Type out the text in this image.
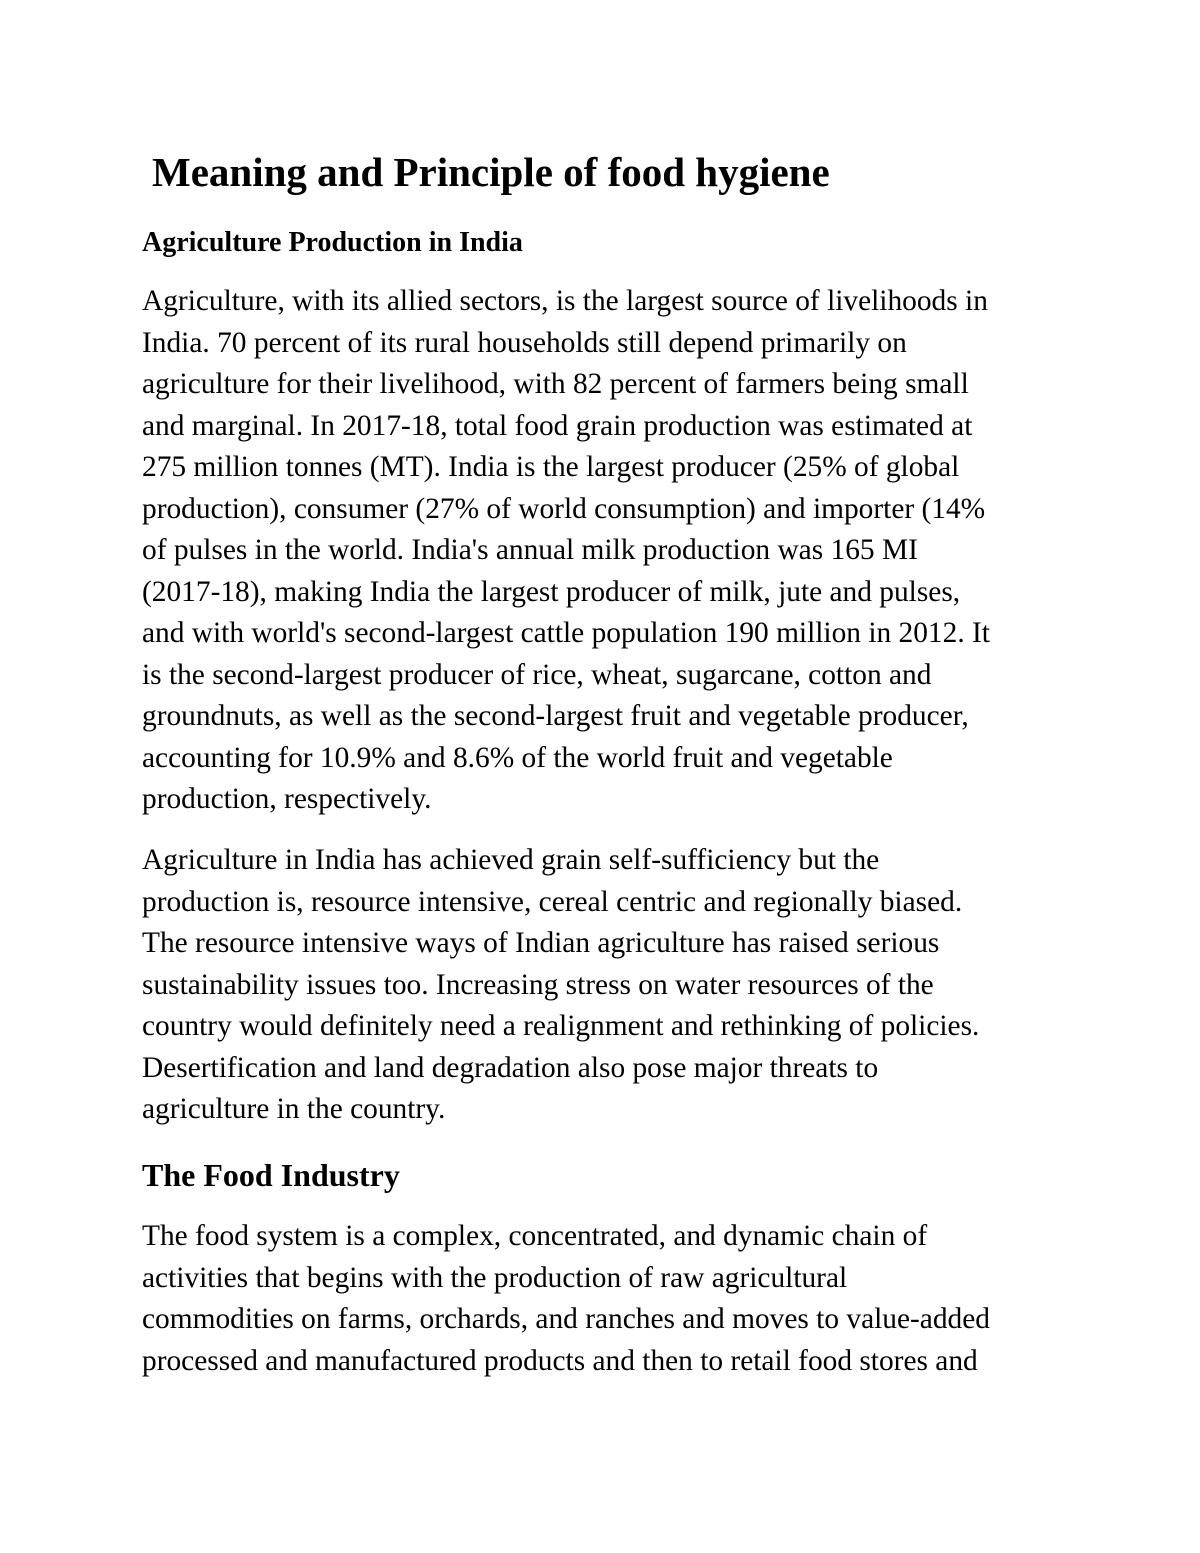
Meaning and Principle of food hygiene
Agriculture Production in India

Agriculture, with its allied sectors, is the largest source of livelihoods in
India. 70 percent of its rural households still depend primarily on
agriculture for their livelihood, with 82 percent of farmers being small
and marginal. In 2017-18, total food grain production was estimated at
275 million tonnes (MT). India is the largest producer (25% of global
production), consumer (27% of world consumption) and importer (14%
of pulses in the world. India's annual milk production was 165 MI
(2017-18), making India the largest producer of milk, jute and pulses,
and with world's second-largest cattle population 190 million in 2012. It
is the second-largest producer of rice, wheat, sugarcane, cotton and
groundnuts, as well as the second-largest fruit and vegetable producer,
accounting for 10.9% and 8.6% of the world fruit and vegetable
production, respectively.

Agriculture in India has achieved grain self-sufficiency but the
production is, resource intensive, cereal centric and regionally biased.
The resource intensive ways of Indian agriculture has raised serious
sustainability issues too. Increasing stress on water resources of the
country would definitely need a realignment and rethinking of policies.
Desertification and land degradation also pose major threats to
agriculture in the country.

The Food Industry

The food system is a complex, concentrated, and dynamic chain of
activities that begins with the production of raw agricultural
commodities on farms, orchards, and ranches and moves to value-added
processed and manufactured products and then to retail food stores and
